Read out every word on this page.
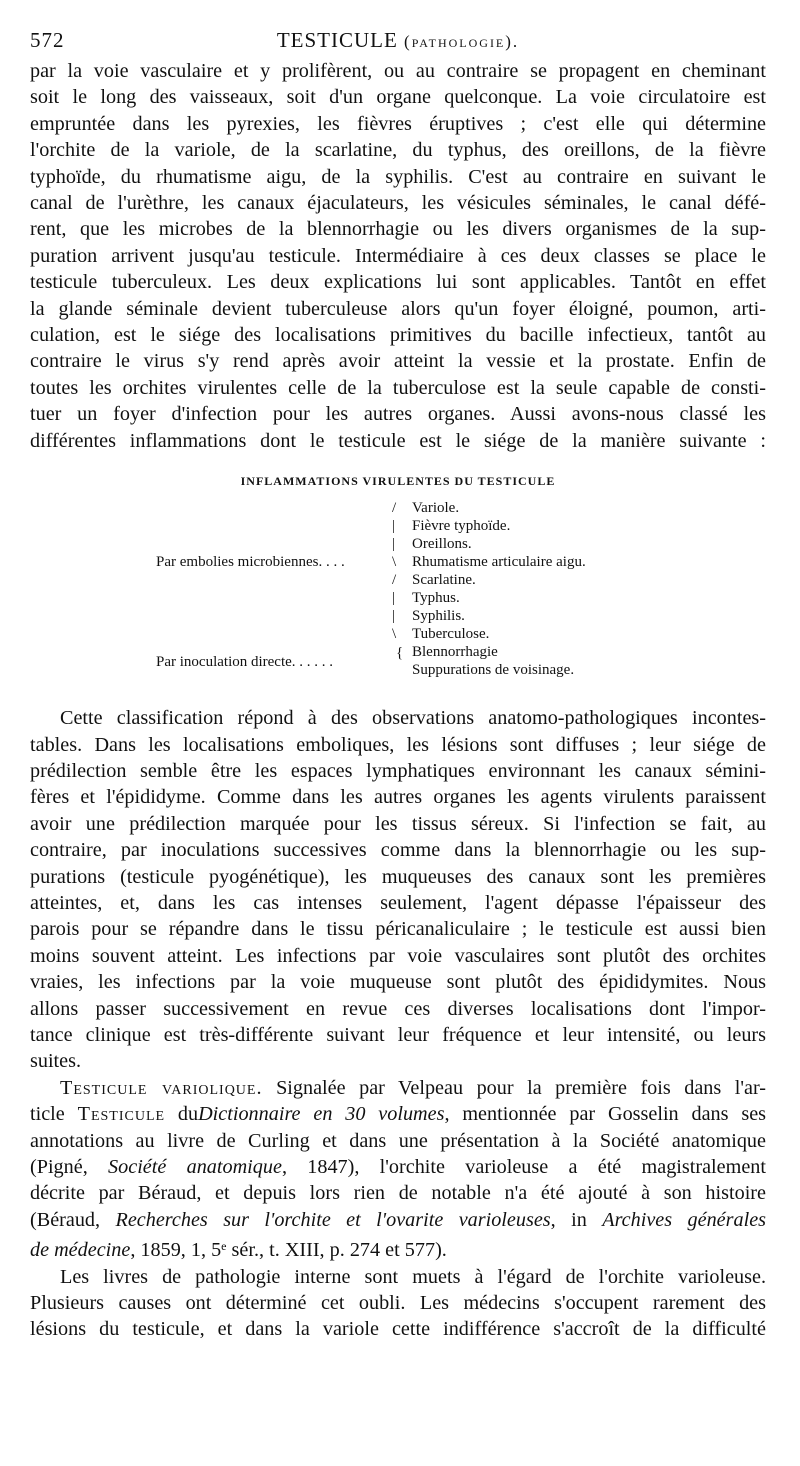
572	TESTICULE (pathologie).
par la voie vasculaire et y prolifèrent, ou au contraire se propagent en cheminant
soit le long des vaisseaux, soit d'un organe quelconque. La voie circulatoire est
empruntée dans les pyrexies, les fièvres éruptives ; c'est elle qui détermine
l'orchite de la variole, de la scarlatine, du typhus, des oreillons, de la fièvre
typhoïde, du rhumatisme aigu, de la syphilis. C'est au contraire en suivant le
canal de l'urèthre, les canaux éjaculateurs, les vésicules séminales, le canal défé-
rent, que les microbes de la blennorrhagie ou les divers organismes de la sup-
puration arrivent jusqu'au testicule. Intermédiaire à ces deux classes se place le
testicule tuberculeux. Les deux explications lui sont applicables. Tantôt en effet
la glande séminale devient tuberculeuse alors qu'un foyer éloigné, poumon, arti-
culation, est le siége des localisations primitives du bacille infectieux, tantôt au
contraire le virus s'y rend après avoir atteint la vessie et la prostate. Enfin de
toutes les orchites virulentes celle de la tuberculose est la seule capable de consti-
tuer un foyer d'infection pour les autres organes. Aussi avons-nous classé les
différentes inflammations dont le testicule est le siége de la manière suivante :
INFLAMMATIONS VIRULENTES DU TESTICULE
Par embolies microbiennes. . . .
/
|
|
\
/
|
|
\
Variole.
Fièvre typhoïde.
Oreillons.
Rhumatisme articulaire aigu.
Scarlatine.
Typhus.
Syphilis.
Tuberculose.
Par inoculation directe. . . . . .
{ Blennorrhagie
Suppurations de voisinage.
Cette classification répond à des observations anatomo-pathologiques incontes-
tables. Dans les localisations emboliques, les lésions sont diffuses ; leur siége de
prédilection semble être les espaces lymphatiques environnant les canaux sémini-
fères et l'épididyme. Comme dans les autres organes les agents virulents paraissent
avoir une prédilection marquée pour les tissus séreux. Si l'infection se fait, au
contraire, par inoculations successives comme dans la blennorrhagie ou les sup-
purations (testicule pyogénétique), les muqueuses des canaux sont les premières
atteintes, et, dans les cas intenses seulement, l'agent dépasse l'épaisseur des
parois pour se répandre dans le tissu péricanaliculaire ; le testicule est aussi bien
moins souvent atteint. Les infections par voie vasculaires sont plutôt des orchites
vraies, les infections par la voie muqueuse sont plutôt des épididymites. Nous
allons passer successivement en revue ces diverses localisations dont l'impor-
tance clinique est très-différente suivant leur fréquence et leur intensité, ou leurs
suites.
Testicule variolique. Signalée par Velpeau pour la première fois dans l'ar-
ticle Testicule duDictionnaire en 30 volumes, mentionnée par Gosselin dans ses
annotations au livre de Curling et dans une présentation à la Société anatomique
(Pigné, Société anatomique, 1847), l'orchite varioleuse a été magistralement
décrite par Béraud, et depuis lors rien de notable n'a été ajouté à son histoire
(Béraud, Recherches sur l'orchite et l'ovarite varioleuses, in Archives générales
de médecine, 1859, 1, 5e sér., t. XIII, p. 274 et 577).
Les livres de pathologie interne sont muets à l'égard de l'orchite varioleuse.
Plusieurs causes ont déterminé cet oubli. Les médecins s'occupent rarement des
lésions du testicule, et dans la variole cette indifférence s'accroît de la difficulté
